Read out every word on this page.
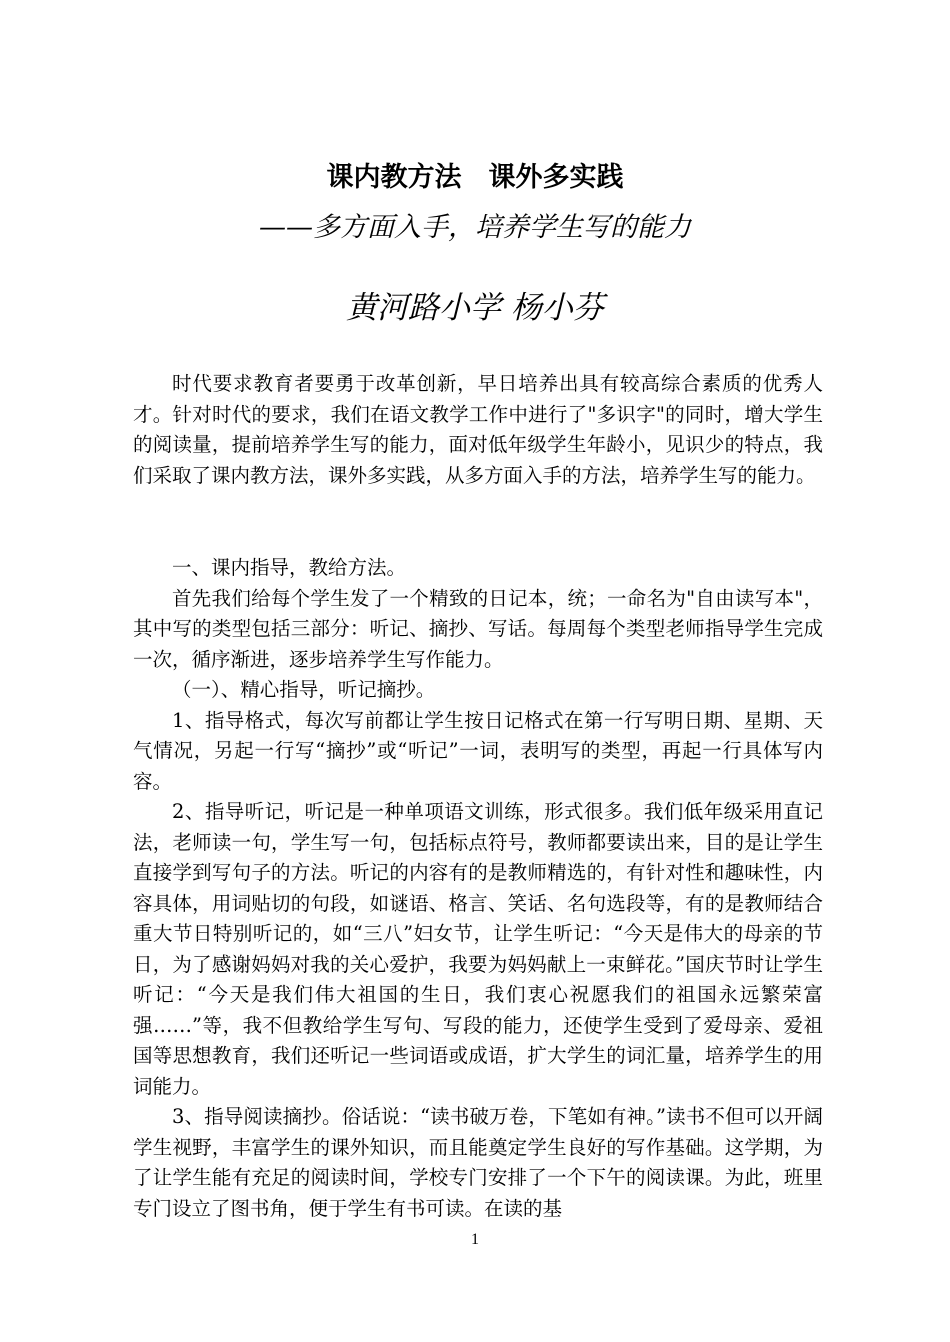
课内教方法　课外多实践
——多方面入手，培养学生写的能力
黄河路小学 杨小芬

时代要求教育者要勇于改革创新，早日培养出具有较高综合素质的优秀人才。针对时代的要求，我们在语文教学工作中进行了"多识字"的同时，增大学生的阅读量，提前培养学生写的能力，面对低年级学生年龄小，见识少的特点，我们采取了课内教方法，课外多实践，从多方面入手的方法，培养学生写的能力。

一、课内指导，教给方法。

首先我们给每个学生发了一个精致的日记本，统；一命名为"自由读写本"，其中写的类型包括三部分：听记、摘抄、写话。每周每个类型老师指导学生完成一次，循序渐进，逐步培养学生写作能力。

（一）、精心指导，听记摘抄。

1、指导格式，每次写前都让学生按日记格式在第一行写明日期、星期、天气情况，另起一行写“摘抄”或“听记”一词，表明写的类型，再起一行具体写内容。

2、指导听记，听记是一种单项语文训练，形式很多。我们低年级采用直记法，老师读一句，学生写一句，包括标点符号，教师都要读出来，目的是让学生直接学到写句子的方法。听记的内容有的是教师精选的，有针对性和趣味性，内容具体，用词贴切的句段，如谜语、格言、笑话、名句选段等，有的是教师结合重大节日特别听记的，如“三八”妇女节，让学生听记：“今天是伟大的母亲的节日，为了感谢妈妈对我的关心爱护，我要为妈妈献上一束鲜花。”国庆节时让学生听记：“今天是我们伟大祖国的生日，我们衷心祝愿我们的祖国永远繁荣富强……”等，我不但教给学生写句、写段的能力，还使学生受到了爱母亲、爱祖国等思想教育，我们还听记一些词语或成语，扩大学生的词汇量，培养学生的用词能力。

3、指导阅读摘抄。俗话说：“读书破万卷，下笔如有神。”读书不但可以开阔学生视野，丰富学生的课外知识，而且能奠定学生良好的写作基础。这学期，为了让学生能有充足的阅读时间，学校专门安排了一个下午的阅读课。为此，班里专门设立了图书角，便于学生有书可读。在读的基

1
